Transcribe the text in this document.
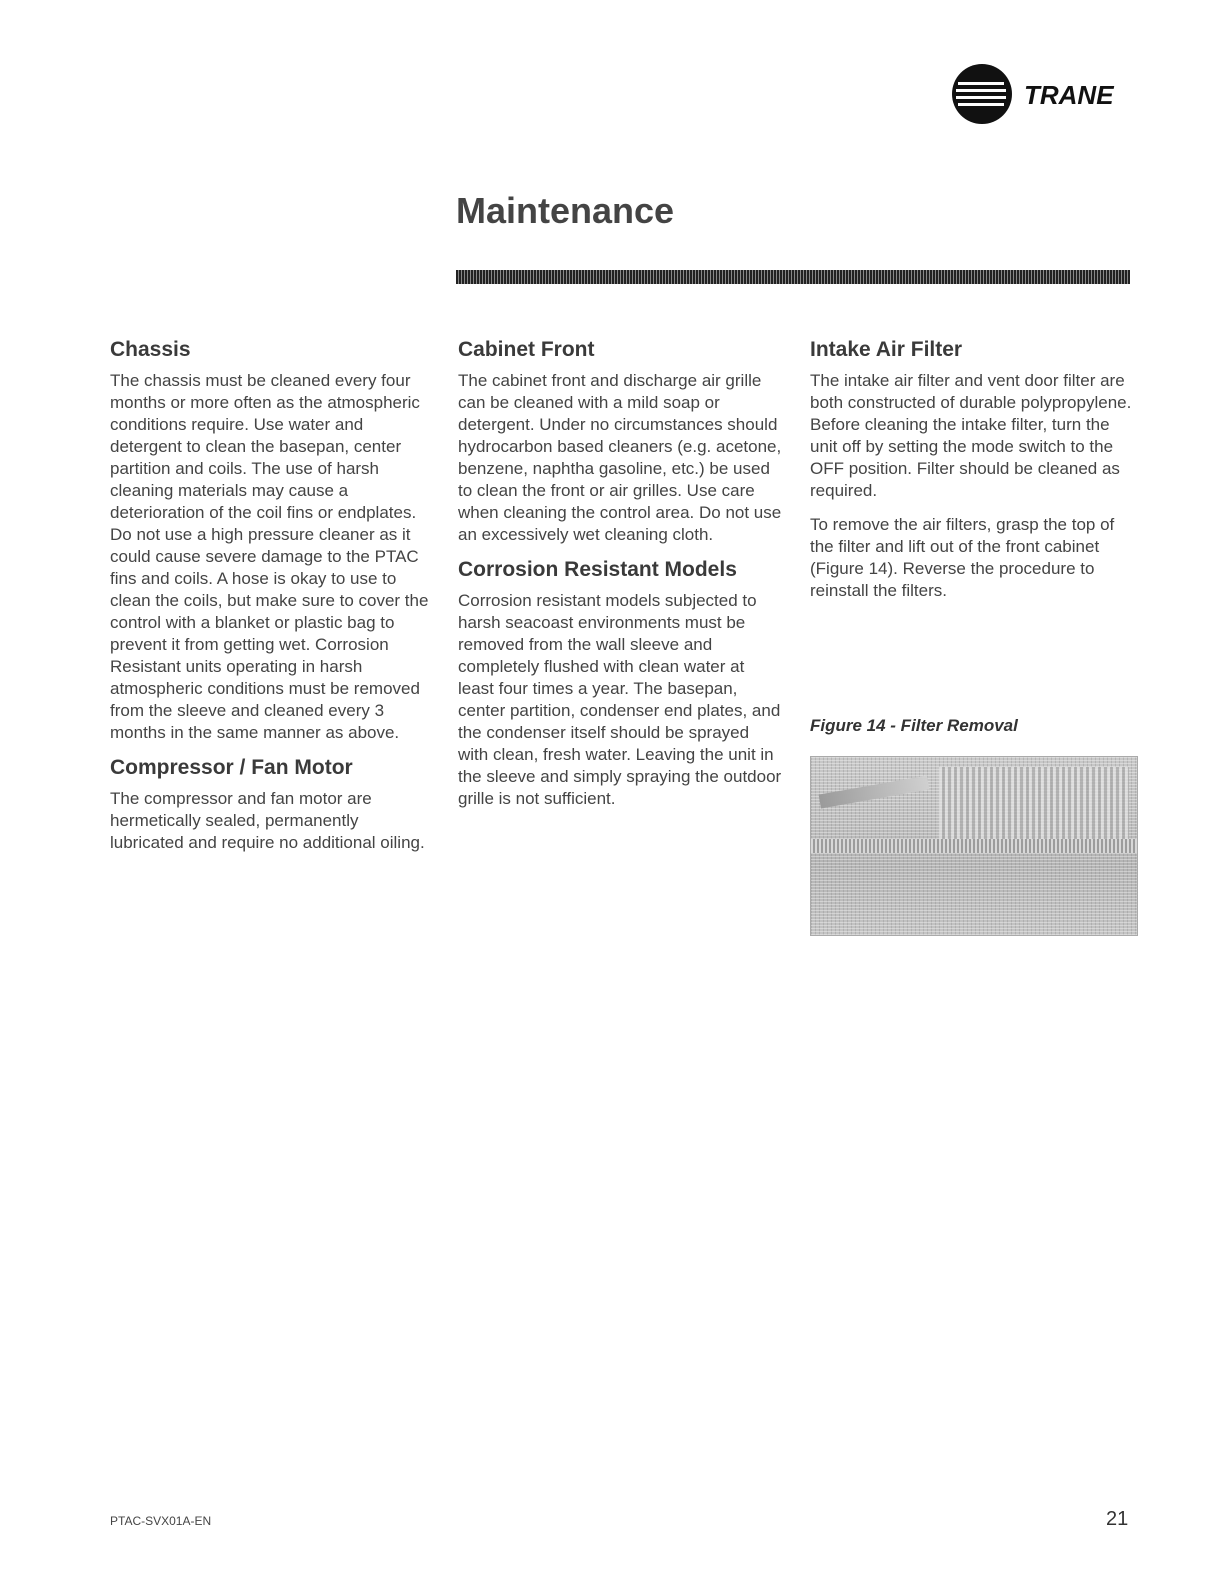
TRANE
Maintenance
Chassis

The chassis must be cleaned every four months or more often as the atmospheric conditions require. Use water and detergent to clean the basepan, center partition and coils. The use of harsh cleaning materials may cause a deterioration of the coil fins or endplates. Do not use a high pressure cleaner as it could cause severe damage to the PTAC fins and coils. A hose is okay to use to clean the coils, but make sure to cover the control with a blanket or plastic bag to prevent it from getting wet. Corrosion Resistant units operating in harsh atmospheric conditions must be removed from the sleeve and cleaned every 3 months in the same manner as above.

Compressor / Fan Motor

The compressor and fan motor are hermetically sealed, permanently lubricated and require no additional oiling.

Cabinet Front

The cabinet front and discharge air grille can be cleaned with a mild soap or detergent. Under no circumstances should hydrocarbon based cleaners (e.g. acetone, benzene, naphtha gasoline, etc.) be used to clean the front or air grilles. Use care when cleaning the control area. Do not use an excessively wet cleaning cloth.

Corrosion Resistant Models

Corrosion resistant models subjected to harsh seacoast environments must be removed from the wall sleeve and completely flushed with clean water at least four times a year. The basepan, center partition, condenser end plates, and the condenser itself should be sprayed with clean, fresh water. Leaving the unit in the sleeve and simply spraying the outdoor grille is not sufficient.

Intake Air Filter

The intake air filter and vent door filter are both constructed of durable polypropylene. Before cleaning the intake filter, turn the unit off by setting the mode switch to the OFF position. Filter should be cleaned as required.

To remove the air filters, grasp the top of the filter and lift out of the front cabinet (Figure 14). Reverse the procedure to reinstall the filters.

Figure 14 - Filter Removal
PTAC-SVX01A-EN	21
